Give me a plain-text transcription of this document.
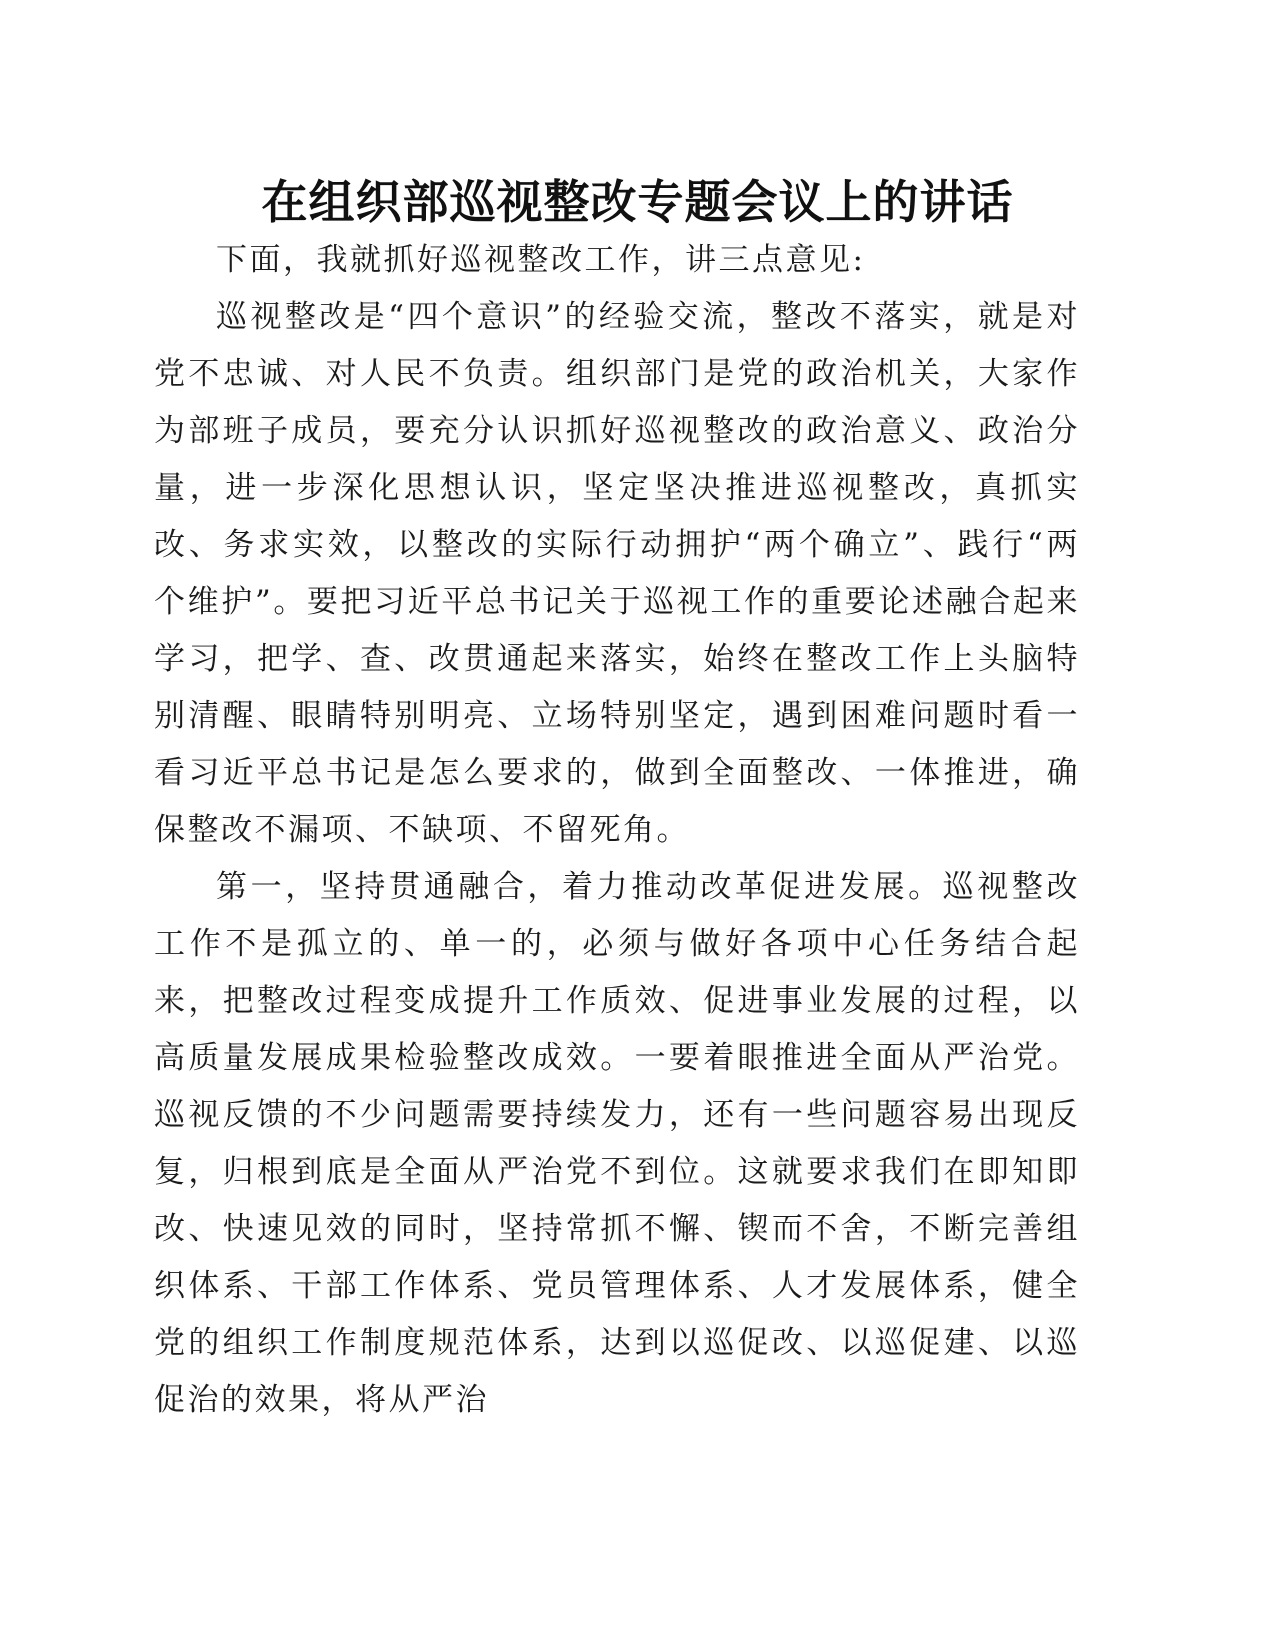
在组织部巡视整改专题会议上的讲话

下面，我就抓好巡视整改工作，讲三点意见:

巡视整改是“四个意识”的经验交流，整改不落实，就是对党不忠诚、对人民不负责。组织部门是党的政治机关，大家作为部班子成员，要充分认识抓好巡视整改的政治意义、政治分量，进一步深化思想认识，坚定坚决推进巡视整改，真抓实改、务求实效，以整改的实际行动拥护“两个确立”、践行“两个维护”。要把习近平总书记关于巡视工作的重要论述融合起来学习，把学、查、改贯通起来落实，始终在整改工作上头脑特别清醒、眼睛特别明亮、立场特别坚定，遇到困难问题时看一看习近平总书记是怎么要求的，做到全面整改、一体推进，确保整改不漏项、不缺项、不留死角。

第一，坚持贯通融合，着力推动改革促进发展。巡视整改工作不是孤立的、单一的，必须与做好各项中心任务结合起来，把整改过程变成提升工作质效、促进事业发展的过程，以高质量发展成果检验整改成效。一要着眼推进全面从严治党。巡视反馈的不少问题需要持续发力，还有一些问题容易出现反复，归根到底是全面从严治党不到位。这就要求我们在即知即改、快速见效的同时，坚持常抓不懈、锲而不舍，不断完善组织体系、干部工作体系、党员管理体系、人才发展体系，健全党的组织工作制度规范体系，达到以巡促改、以巡促建、以巡促治的效果，将从严治
